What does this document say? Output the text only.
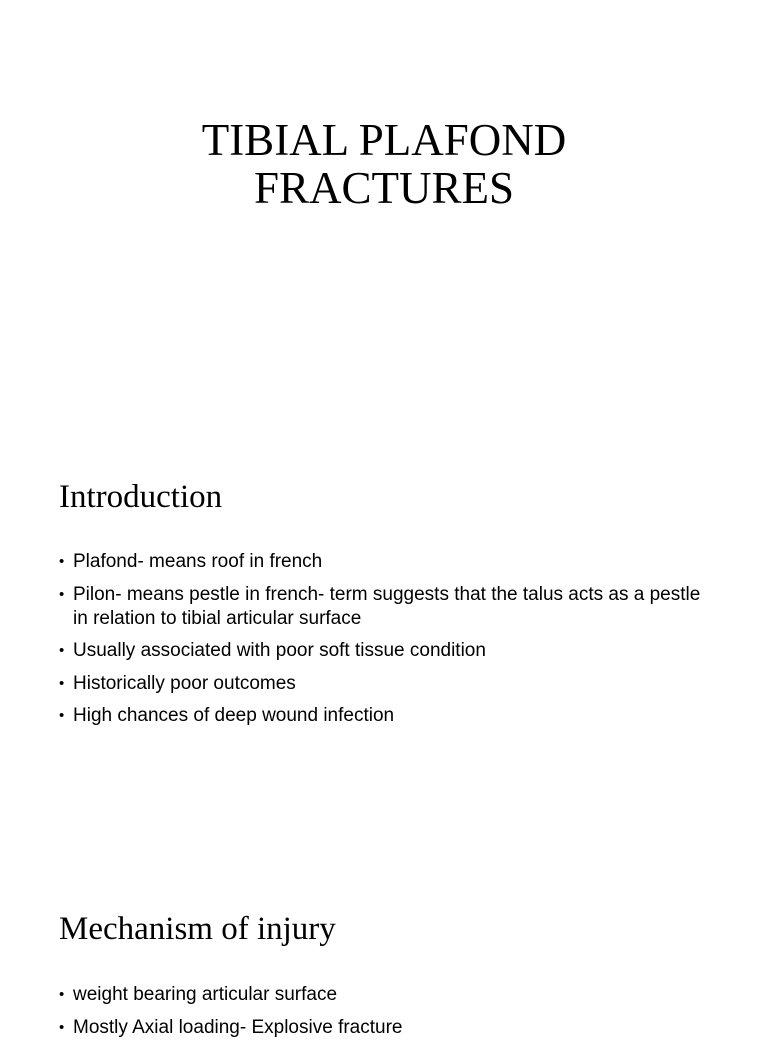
TIBIAL PLAFOND
FRACTURES
Introduction
• Plafond- means roof in french
• Pilon- means pestle in french- term suggests that the talus acts as a pestle in relation to tibial articular surface
• Usually associated with poor soft tissue condition
• Historically poor outcomes
• High chances of deep wound infection
Mechanism of injury
• weight bearing articular surface
• Mostly Axial loading- Explosive fracture
